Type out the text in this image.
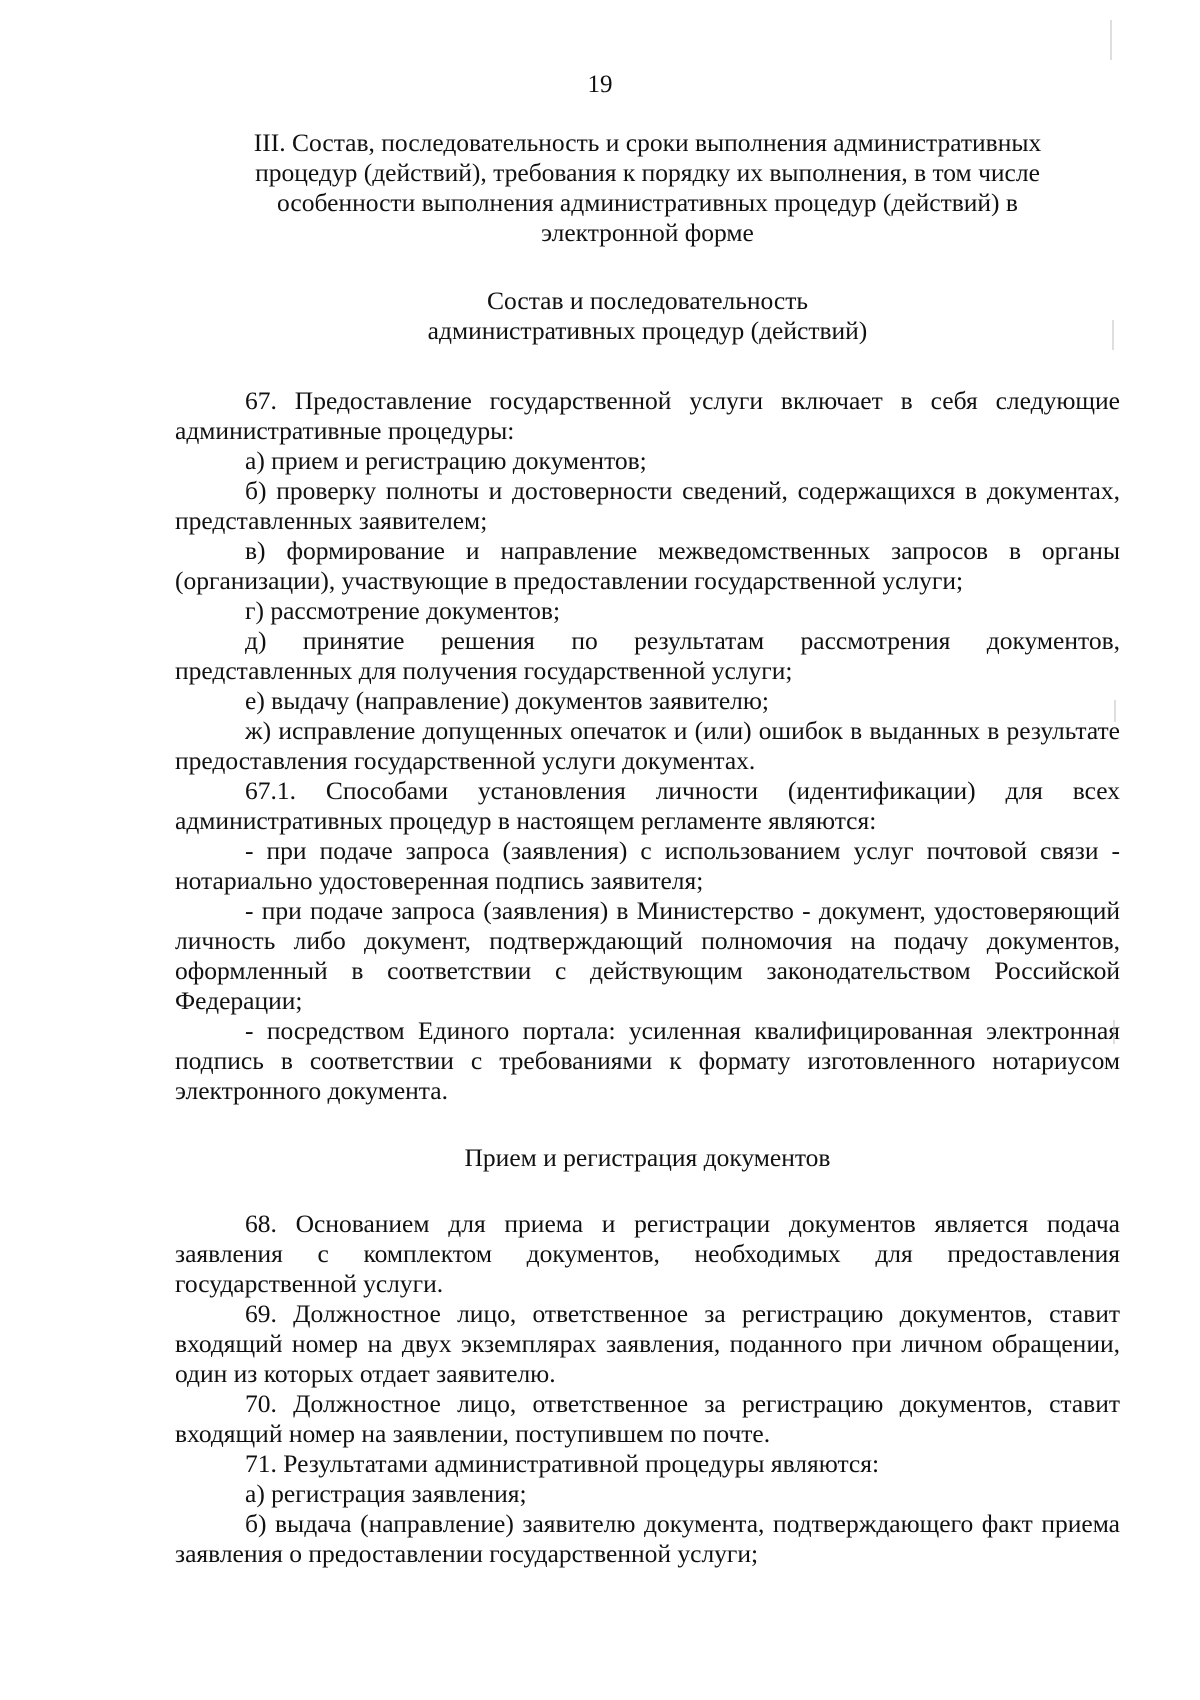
19

III. Состав, последовательность и сроки выполнения административных процедур (действий), требования к порядку их выполнения, в том числе особенности выполнения административных процедур (действий) в электронной форме

Состав и последовательность административных процедур (действий)

67. Предоставление государственной услуги включает в себя следующие административные процедуры:

а) прием и регистрацию документов;

б) проверку полноты и достоверности сведений, содержащихся в документах, представленных заявителем;

в) формирование и направление межведомственных запросов в органы (организации), участвующие в предоставлении государственной услуги;

г) рассмотрение документов;

д) принятие решения по результатам рассмотрения документов, представленных для получения государственной услуги;

е) выдачу (направление) документов заявителю;

ж) исправление допущенных опечаток и (или) ошибок в выданных в результате предоставления государственной услуги документах.

67.1. Способами установления личности (идентификации) для всех административных процедур в настоящем регламенте являются:

- при подаче запроса (заявления) с использованием услуг почтовой связи - нотариально удостоверенная подпись заявителя;

- при подаче запроса (заявления) в Министерство - документ, удостоверяющий личность либо документ, подтверждающий полномочия на подачу документов, оформленный в соответствии с действующим законодательством Российской Федерации;

- посредством Единого портала: усиленная квалифицированная электронная подпись в соответствии с требованиями к формату изготовленного нотариусом электронного документа.

Прием и регистрация документов

68. Основанием для приема и регистрации документов является подача заявления с комплектом документов, необходимых для предоставления государственной услуги.

69. Должностное лицо, ответственное за регистрацию документов, ставит входящий номер на двух экземплярах заявления, поданного при личном обращении, один из которых отдает заявителю.

70. Должностное лицо, ответственное за регистрацию документов, ставит входящий номер на заявлении, поступившем по почте.

71. Результатами административной процедуры являются:

а) регистрация заявления;

б) выдача (направление) заявителю документа, подтверждающего факт приема заявления о предоставлении государственной услуги;
